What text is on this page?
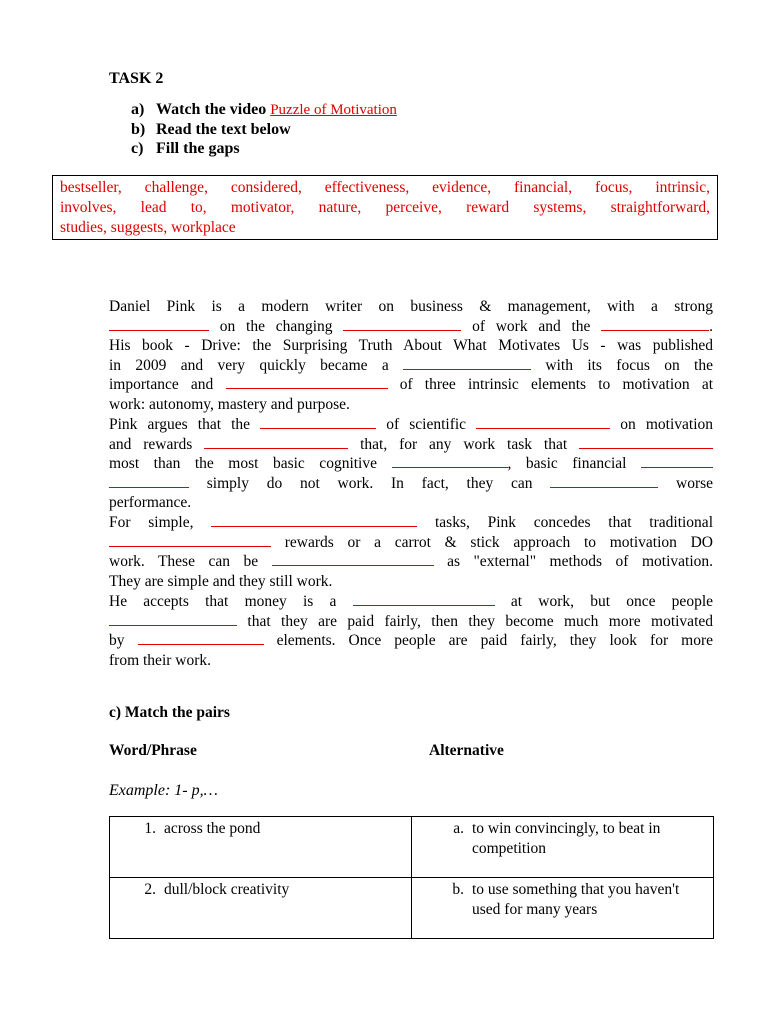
TASK 2
a) Watch the video Puzzle of Motivation
b) Read the text below
c) Fill the gaps
bestseller, challenge, considered, effectiveness, evidence, financial, focus, intrinsic,
involves, lead to, motivator, nature, perceive, reward systems, straightforward,
studies, suggests, workplace
Daniel Pink is a modern writer on business & management, with a strong
on the changing	of work and the	.
His book - Drive: the Surprising Truth About What Motivates Us - was published
in 2009 and very quickly became a	with its focus on the
importance and	of three intrinsic elements to motivation at
work: autonomy, mastery and purpose.
Pink argues that the	of scientific	on motivation
and rewards	that, for any work task that
most than the most basic cognitive	, basic financial
simply do not work. In fact, they can	worse
performance.
For simple,	tasks, Pink concedes that traditional
rewards or a carrot & stick approach to motivation DO
work. These can be	as "external" methods of motivation.
They are simple and they still work.
He accepts that money is a	at work, but once people
that they are paid fairly, then they become much more motivated
by	elements. Once people are paid fairly, they look for more
from their work.
c) Match the pairs
Word/Phrase	Alternative
Example: 1- p,…
1. across the pond	a. to win convincingly, to beat in competition

2. dull/block creativity	b. to use something that you haven't used for many years
